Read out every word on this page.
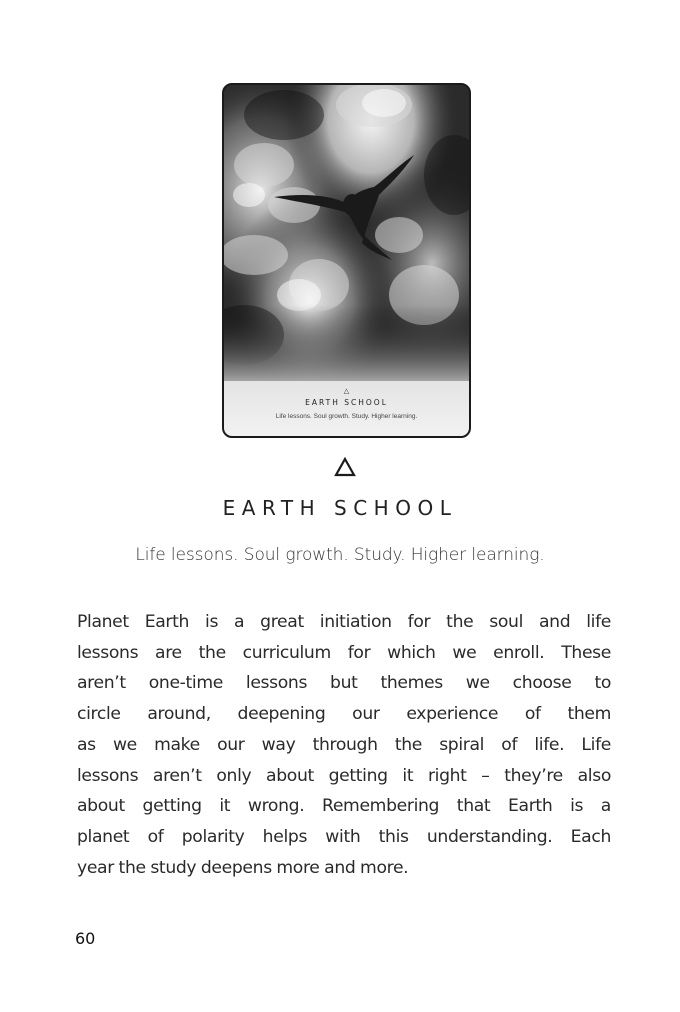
△
EARTH SCHOOL
Life lessons. Soul growth. Study. Higher learning.
EARTH SCHOOL
Life lessons. Soul growth. Study. Higher learning.

Planet Earth is a great initiation for the soul and life
lessons are the curriculum for which we enroll. These
aren’t one-time lessons but themes we choose to
circle around, deepening our experience of them
as we make our way through the spiral of life. Life
lessons aren’t only about getting it right – they’re also
about getting it wrong. Remembering that Earth is a
planet of polarity helps with this understanding. Each
year the study deepens more and more.

60
